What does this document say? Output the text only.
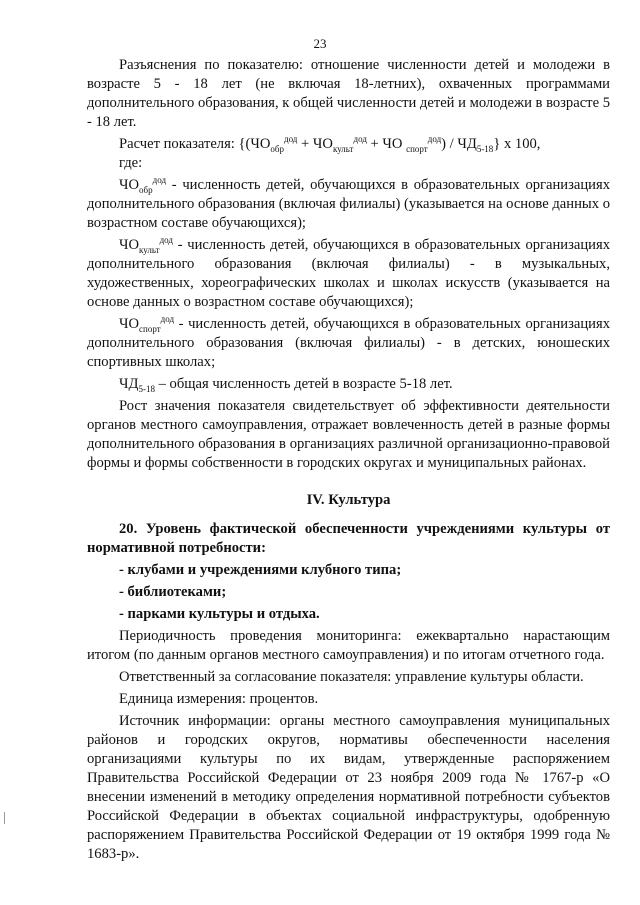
23

Разъяснения по показателю: отношение численности детей и молодежи в возрасте 5 - 18 лет (не включая 18-летних), охваченных программами дополнительного образования, к общей численности детей и молодежи в возрасте 5 - 18 лет.

Расчет показателя: {($ЧО_{обр}^{дод} + ЧО_{культ}^{дод}$ + ЧО $_{спорт}^{дод}) / ЧД_{5-18}$} х 100,

где:

$ЧО_{обр}^{дод}$ - численность детей, обучающихся в образовательных организациях дополнительного образования (включая филиалы) (указывается на основе данных о возрастном составе обучающихся);

$ЧО_{культ}^{дод}$ - численность детей, обучающихся в образовательных организациях дополнительного образования (включая филиалы) - в музыкальных, художественных, хореографических школах и школах искусств (указывается на основе данных о возрастном составе обучающихся);

$ЧО_{спорт}^{дод}$ - численность детей, обучающихся в образовательных организациях дополнительного образования (включая филиалы) - в детских, юношеских спортивных школах;

$ЧД_{5-18}$ – общая численность детей в возрасте 5-18 лет.

Рост значения показателя свидетельствует об эффективности деятельности органов местного самоуправления, отражает вовлеченность детей в разные формы дополнительного образования в организациях различной организационно-правовой формы и формы собственности в городских округах и муниципальных районах.

IV. Культура

20. Уровень фактической обеспеченности учреждениями культуры от нормативной потребности:

- клубами и учреждениями клубного типа;

- библиотеками;

- парками культуры и отдыха.

Периодичность проведения мониторинга: ежеквартально нарастающим итогом (по данным органов местного самоуправления) и по итогам отчетного года.

Ответственный за согласование показателя: управление культуры области.

Единица измерения: процентов.

Источник информации: органы местного самоуправления муниципальных районов и городских округов, нормативы обеспеченности населения организациями культуры по их видам, утвержденные распоряжением Правительства Российской Федерации от 23 ноября 2009 года № 1767-р «О внесении изменений в методику определения нормативной потребности субъектов Российской Федерации в объектах социальной инфраструктуры, одобренную распоряжением Правительства Российской Федерации от 19 октября 1999 года № 1683-р».
